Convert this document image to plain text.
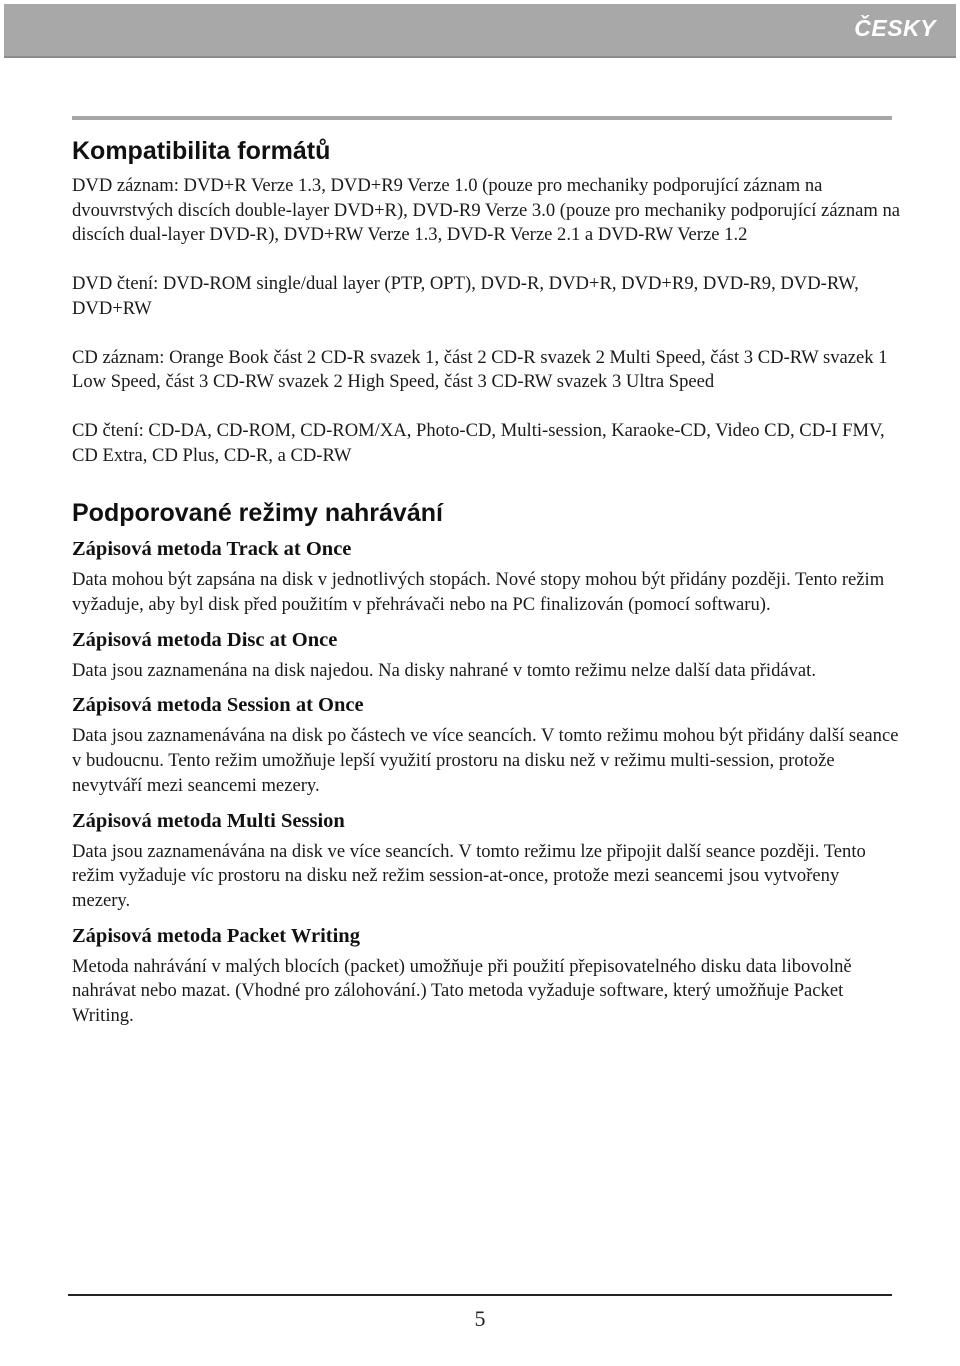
ČESKY
Kompatibilita formátů

DVD záznam: DVD+R Verze 1.3, DVD+R9 Verze 1.0 (pouze pro mechaniky podporující záznam na dvouvrstvých discích double-layer DVD+R), DVD-R9 Verze 3.0 (pouze pro mechaniky podporující záznam na discích dual-layer DVD-R), DVD+RW Verze 1.3, DVD-R Verze 2.1 a DVD-RW Verze 1.2

DVD čtení: DVD-ROM single/dual layer (PTP, OPT), DVD-R, DVD+R, DVD+R9, DVD-R9, DVD-RW, DVD+RW

CD záznam: Orange Book část 2 CD-R svazek 1, část 2 CD-R svazek 2 Multi Speed, část 3 CD-RW svazek 1 Low Speed, část 3 CD-RW svazek 2 High Speed, část 3 CD-RW svazek 3 Ultra Speed

CD čtení: CD-DA, CD-ROM, CD-ROM/XA, Photo-CD, Multi-session, Karaoke-CD, Video CD, CD-I FMV, CD Extra, CD Plus, CD-R, a CD-RW

Podporované režimy nahrávání
Zápisová metoda Track at Once

Data mohou být zapsána na disk v jednotlivých stopách. Nové stopy mohou být přidány později. Tento režim vyžaduje, aby byl disk před použitím v přehrávači nebo na PC finalizován (pomocí softwaru).

Zápisová metoda Disc at Once

Data jsou zaznamenána na disk najedou. Na disky nahrané v tomto režimu nelze další data přidávat.

Zápisová metoda Session at Once

Data jsou zaznamenávána na disk po částech ve více seancích. V tomto režimu mohou být přidány další seance v budoucnu. Tento režim umožňuje lepší využití prostoru na disku než v režimu multi-session, protože nevytváří mezi seancemi mezery.

Zápisová metoda Multi Session

Data jsou zaznamenávána na disk ve více seancích. V tomto režimu lze připojit další seance později. Tento režim vyžaduje víc prostoru na disku než režim session-at-once, protože mezi seancemi jsou vytvořeny mezery.

Zápisová metoda Packet Writing

Metoda nahrávání v malých blocích (packet) umožňuje při použití přepisovatelného disku data libovolně nahrávat nebo mazat. (Vhodné pro zálohování.) Tato metoda vyžaduje software, který umožňuje Packet Writing.

5
